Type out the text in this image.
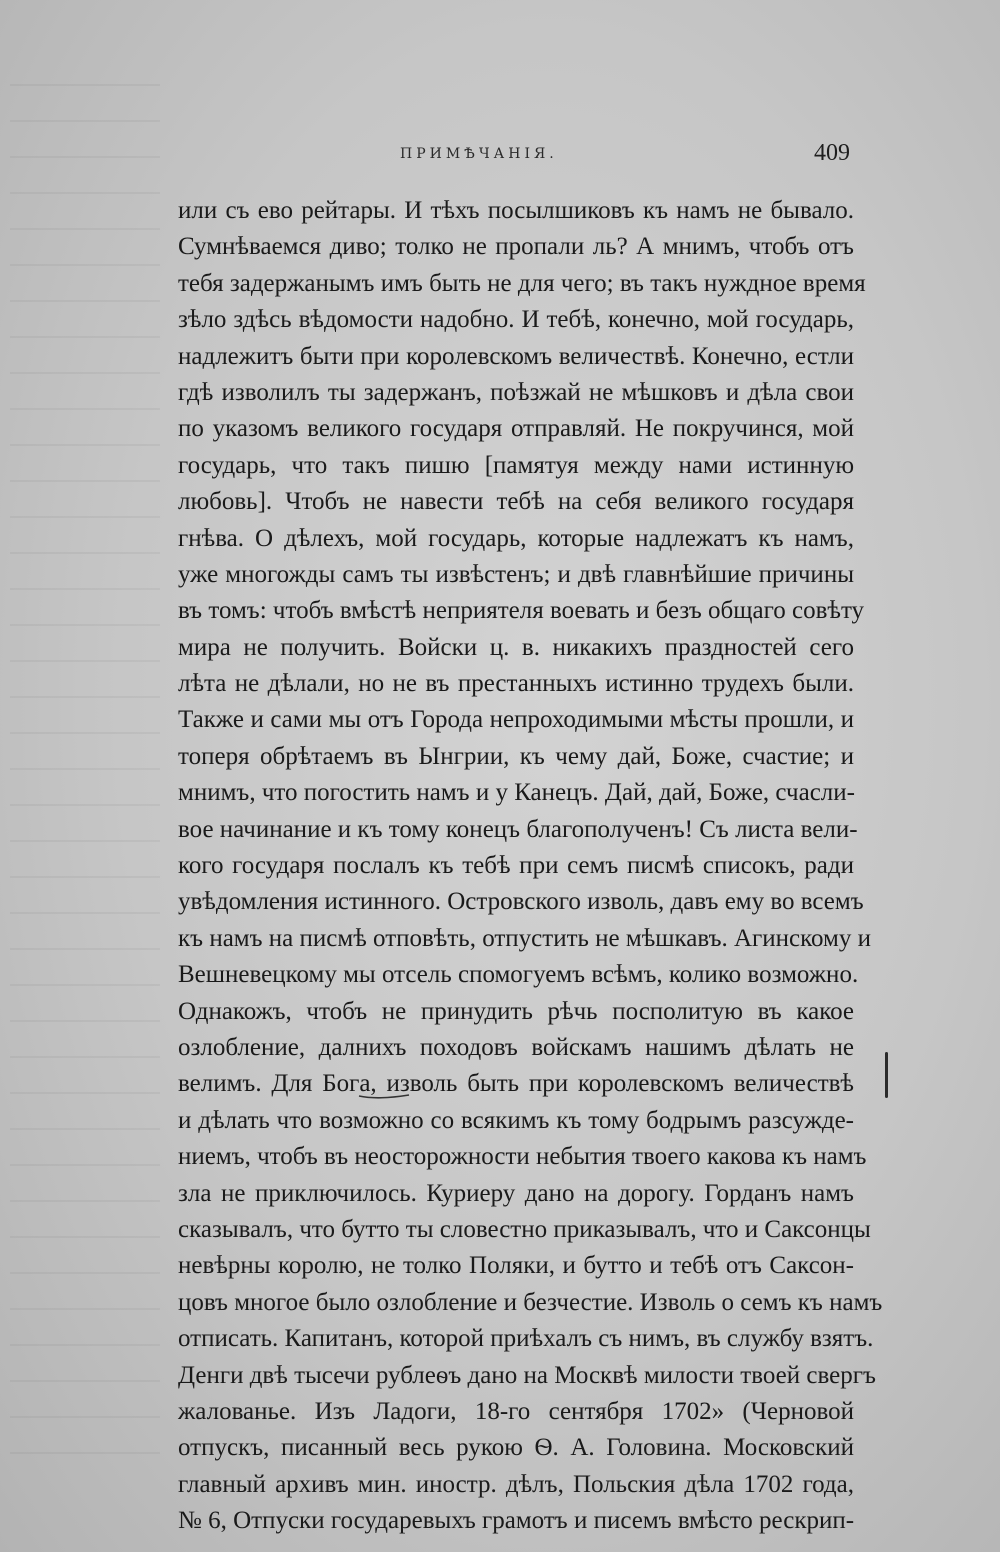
ПРИМѢЧАНІЯ.	409
или съ ево рейтары. И тѣхъ посылшиковъ къ намъ не бывало.
Сумнѣваемся диво; толко не пропали ль? А мнимъ, чтобъ отъ
тебя задержанымъ имъ быть не для чего; въ такъ нуждное время
зѣло здѣсь вѣдомости надобно. И тебѣ, конечно, мой государь,
надлежитъ быти при королевскомъ величествѣ. Конечно, естли
гдѣ изволилъ ты задержанъ, поѣзжай не мѣшковъ и дѣла свои
по указомъ великого государя отправляй. Не покручинся, мой
государь, что такъ пишю [памятуя между нами истинную
любовь]. Чтобъ не навести тебѣ на себя великого государя
гнѣва. О дѣлехъ, мой государь, которые надлежатъ къ намъ,
уже многожды самъ ты извѣстенъ; и двѣ главнѣйшие причины
въ томъ: чтобъ вмѣстѣ неприятеля воевать и безъ общаго совѣту
мира не получить. Войски ц. в. никакихъ праздностей сего
лѣта не дѣлали, но не въ престанныхъ истинно трудехъ были.
Также и сами мы отъ Города непроходимыми мѣсты прошли, и
топеря обрѣтаемъ въ Ынгрии, къ чему дай, Боже, счастие; и
мнимъ, что погостить намъ и у Канецъ. Дай, дай, Боже, счасли-
вое начинание и къ тому конецъ благополученъ! Съ листа вели-
кого государя послалъ къ тебѣ при семъ писмѣ списокъ, ради
увѣдомления истинного. Островского изволь, давъ ему во всемъ
къ намъ на писмѣ отповѣть, отпустить не мѣшкавъ. Агинскому и
Вешневецкому мы отсель спомогуемъ всѣмъ, колико возможно.
Однакожъ, чтобъ не принудить рѣчь посполитую въ какое
озлобление, далнихъ походовъ войскамъ нашимъ дѣлать не
велимъ. Для Бога, изволь быть при королевскомъ величествѣ
и дѣлать что возможно со всякимъ къ тому бодрымъ разсужде-
ниемъ, чтобъ въ неосторожности небытия твоего какова къ намъ
зла не приключилось. Куриеру дано на дорогу. Горданъ намъ
сказывалъ, что бутто ты словестно приказывалъ, что и Саксонцы
невѣрны королю, не толко Поляки, и бутто и тебѣ отъ Саксон-
цовъ многое было озлобление и безчестие. Изволь о семъ къ намъ
отписать. Капитанъ, которой приѣхалъ съ нимъ, въ службу взятъ.
Денги двѣ тысечи рублеѳъ дано на Москвѣ милости твоей свергъ
жалованье. Изъ Ладоги, 18-го сентября 1702» (Черновой
отпускъ, писанный весь рукою Ѳ. А. Головина. Московский
главный архивъ мин. иностр. дѣлъ, Польския дѣла 1702 года,
№ 6, Отпуски государевыхъ грамотъ и писемъ вмѣсто рескрип-
